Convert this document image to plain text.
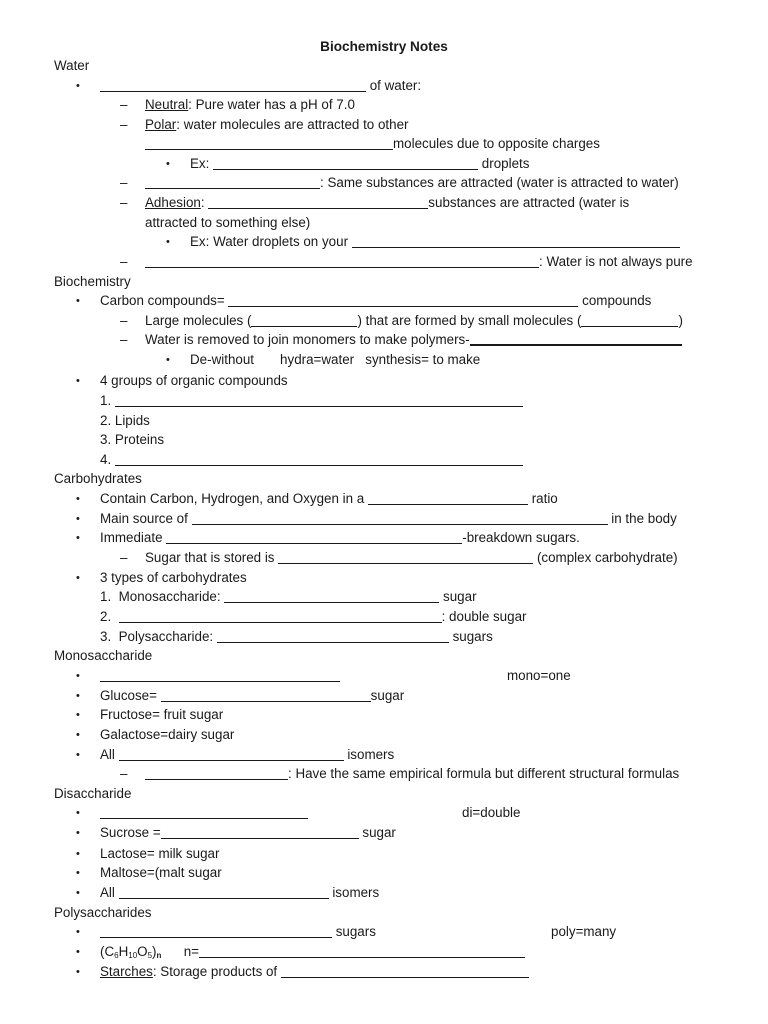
Biochemistry Notes
Water
•	of water:
– Neutral: Pure water has a pH of 7.0
– Polar: water molecules are attracted to other
molecules due to opposite charges
• Ex:	droplets
–	: Same substances are attracted (water is attracted to water)
– Adhesion:	substances are attracted (water is
attracted to something else)
• Ex: Water droplets on your
–	: Water is not always pure
Biochemistry
• Carbon compounds=	compounds
– Large molecules (	) that are formed by small molecules (	)
– Water is removed to join monomers to make polymers-
• De-without       hydra=water   synthesis= to make
• 4 groups of organic compounds
1.
2. Lipids
3. Proteins
4.
Carbohydrates
• Contain Carbon, Hydrogen, and Oxygen in a	ratio
• Main source of	in the body
• Immediate	-breakdown sugars.
– Sugar that is stored is	(complex carbohydrate)
• 3 types of carbohydrates
1.  Monosaccharide:	sugar
2.	: double sugar
3.  Polysaccharide:	sugars
Monosaccharide
•	mono=one
• Glucose=	sugar
• Fructose= fruit sugar
• Galactose=dairy sugar
• All	isomers
–	: Have the same empirical formula but different structural formulas
Disaccharide
•	di=double
• Sucrose =	sugar
• Lactose= milk sugar
• Maltose=(malt sugar
• All	isomers
Polysaccharides
•	sugars	poly=many
• $(C_6H_{10}O_5)_n$      n=
• Starches: Storage products of
